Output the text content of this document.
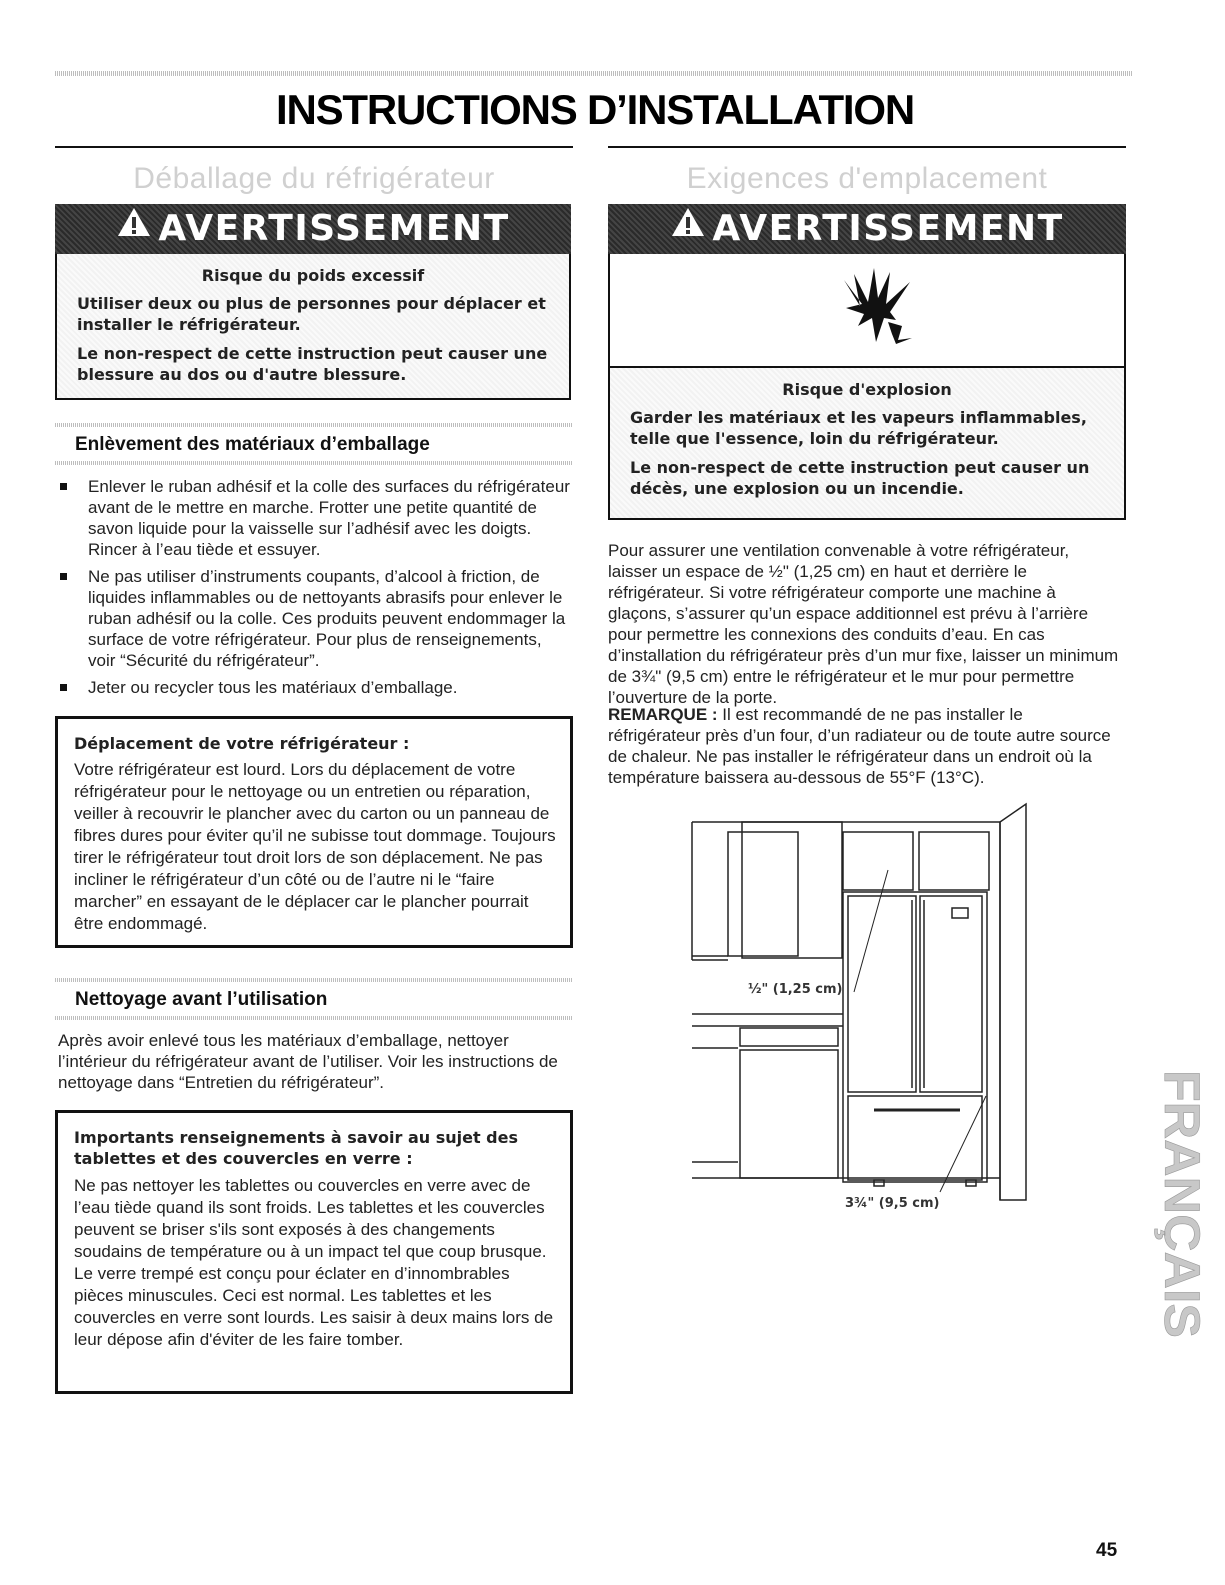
INSTRUCTIONS D’INSTALLATION
Déballage du réfrigérateur
AVERTISSEMENT
Risque du poids excessif

Utiliser deux ou plus de personnes pour déplacer et installer le réfrigérateur.

Le non-respect de cette instruction peut causer une blessure au dos ou d'autre blessure.

Enlèvement des matériaux d’emballage
Enlever le ruban adhésif et la colle des surfaces du réfrigérateur avant de le mettre en marche. Frotter une petite quantité de savon liquide pour la vaisselle sur l’adhésif avec les doigts. Rincer à l’eau tiède et essuyer.
Ne pas utiliser d’instruments coupants, d’alcool à friction, de liquides inflammables ou de nettoyants abrasifs pour enlever le ruban adhésif ou la colle. Ces produits peuvent endommager la surface de votre réfrigérateur. Pour plus de renseignements, voir “Sécurité du réfrigérateur”.
Jeter ou recycler tous les matériaux d’emballage.
Déplacement de votre réfrigérateur :
Votre réfrigérateur est lourd. Lors du déplacement de votre réfrigérateur pour le nettoyage ou un entretien ou réparation, veiller à recouvrir le plancher avec du carton ou un panneau de fibres dures pour éviter qu’il ne subisse tout dommage. Toujours tirer le réfrigérateur tout droit lors de son déplacement. Ne pas incliner le réfrigérateur d’un côté ou de l’autre ni le “faire marcher” en essayant de le déplacer car le plancher pourrait être endommagé.
Nettoyage avant l’utilisation

Après avoir enlevé tous les matériaux d’emballage, nettoyer l’intérieur du réfrigérateur avant de l’utiliser. Voir les instructions de nettoyage dans “Entretien du réfrigérateur”.

Importants renseignements à savoir au sujet des tablettes et des couvercles en verre :
Ne pas nettoyer les tablettes ou couvercles en verre avec de l’eau tiède quand ils sont froids. Les tablettes et les couvercles peuvent se briser s'ils sont exposés à des changements soudains de température ou à un impact tel que coup brusque. Le verre trempé est conçu pour éclater en d’innombrables pièces minuscules. Ceci est normal. Les tablettes et les couvercles en verre sont lourds. Les saisir à deux mains lors de leur dépose afin d'éviter de les faire tomber.
Exigences d'emplacement
AVERTISSEMENT
Risque d'explosion

Garder les matériaux et les vapeurs inflammables, telle que l'essence, loin du réfrigérateur.

Le non-respect de cette instruction peut causer un décès, une explosion ou un incendie.

Pour assurer une ventilation convenable à votre réfrigérateur, laisser un espace de ½" (1,25 cm) en haut et derrière le réfrigérateur. Si votre réfrigérateur comporte une machine à glaçons, s’assurer qu’un espace additionnel est prévu à l’arrière pour permettre les connexions des conduits d’eau. En cas d’installation du réfrigérateur près d’un mur fixe, laisser un minimum de 3¾" (9,5 cm) entre le réfrigérateur et le mur pour permettre l’ouverture de la porte.

REMARQUE : Il est recommandé de ne pas installer le réfrigérateur près d’un four, d’un radiateur ou de toute autre source de chaleur. Ne pas installer le réfrigérateur dans un endroit où la température baissera au-dessous de 55°F (13°C).

½" (1,25 cm)
3¾" (9,5 cm)	FRANÇAIS
45
